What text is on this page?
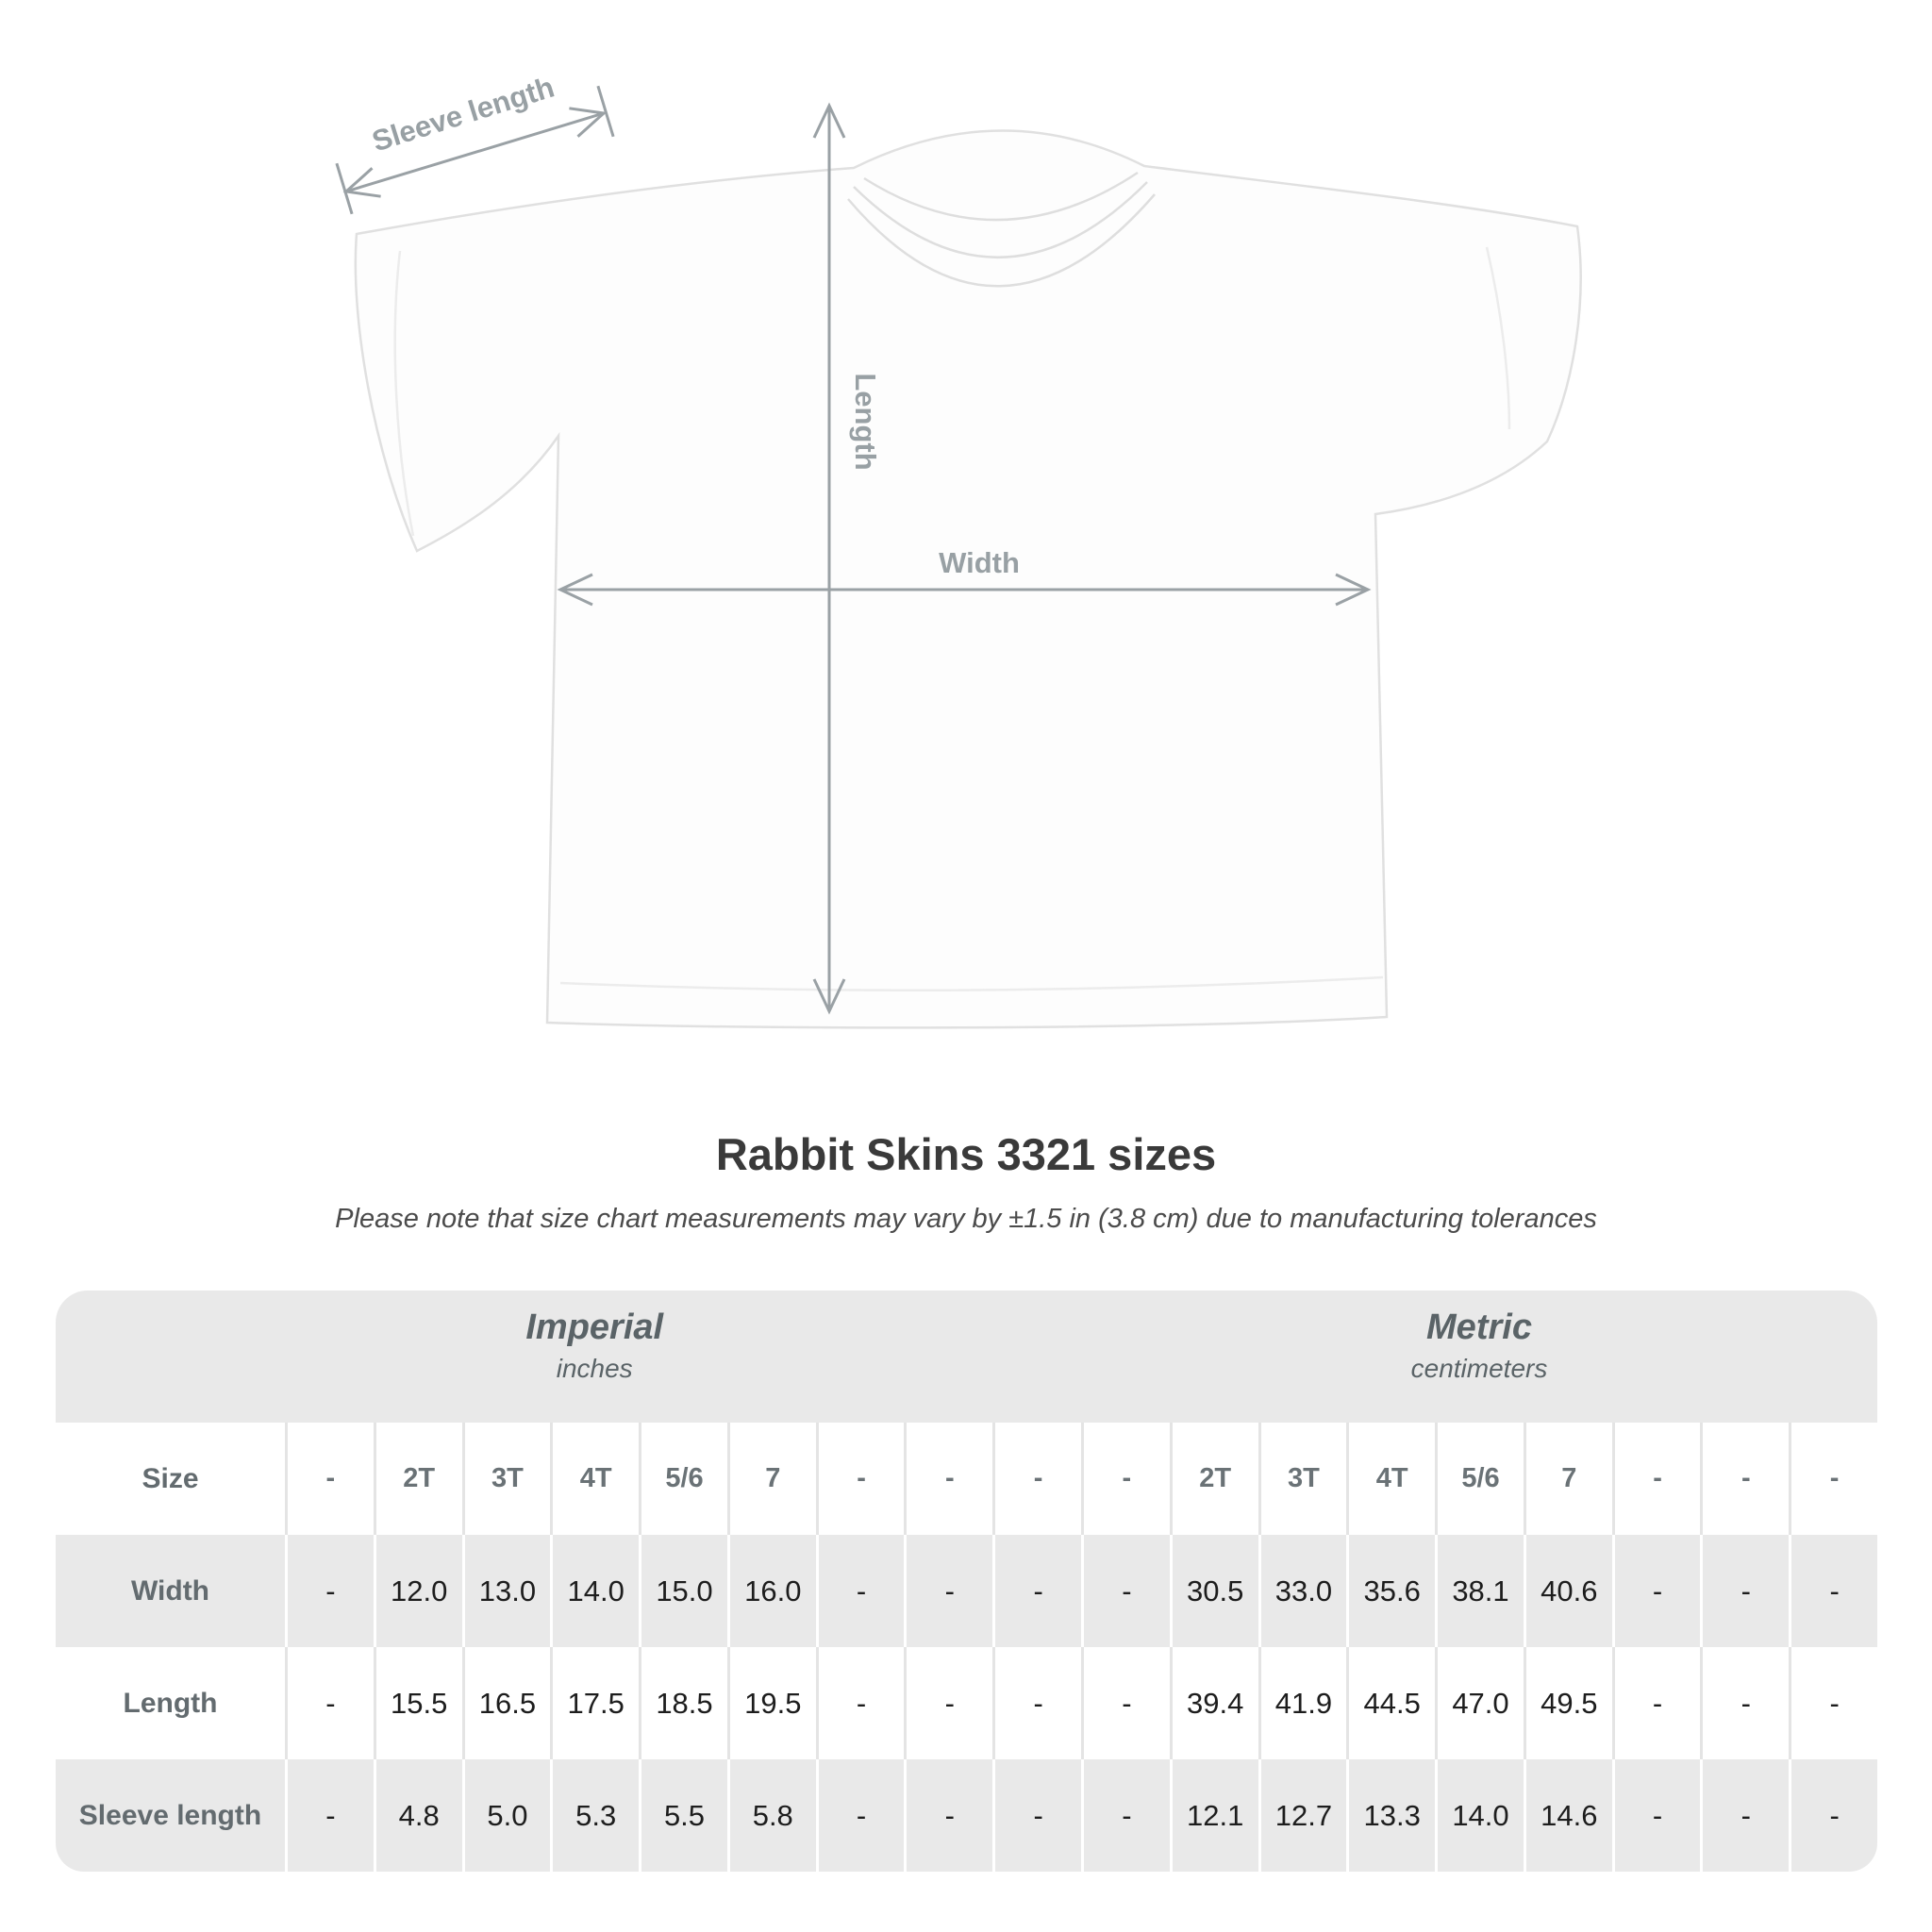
Sleeve length
Length
Width
Rabbit Skins 3321 sizes
Please note that size chart measurements may vary by ±1.5 in (3.8 cm) due to manufacturing tolerances
Imperial
inches
Metric
centimeters
Size	-	2T	3T	4T	5/6	7	-	-	-	-	2T	3T	4T	5/6	7	-	-	-
Width	-	12.0	13.0	14.0	15.0	16.0	-	-	-	-	30.5	33.0	35.6	38.1	40.6	-	-	-
Length	-	15.5	16.5	17.5	18.5	19.5	-	-	-	-	39.4	41.9	44.5	47.0	49.5	-	-	-
Sleeve length	-	4.8	5.0	5.3	5.5	5.8	-	-	-	-	12.1	12.7	13.3	14.0	14.6	-	-	-
